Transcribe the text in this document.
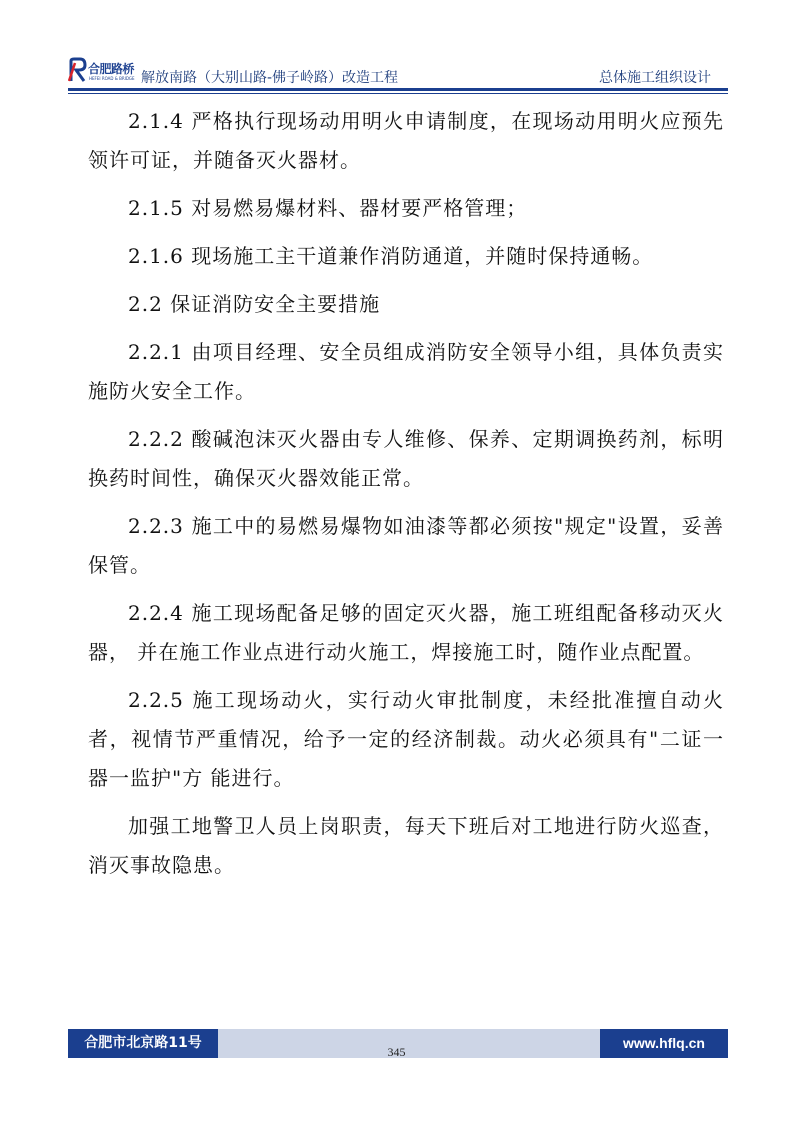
合肥路桥
HEFEI ROAD & BRIDGE 解放南路（大别山路-佛子岭路）改造工程	总体施工组织设计

2.1.4 严格执行现场动用明火申请制度，在现场动用明火应预先领许可证，并随备灭火器材。

2.1.5 对易燃易爆材料、器材要严格管理；

2.1.6 现场施工主干道兼作消防通道，并随时保持通畅。

2.2 保证消防安全主要措施

2.2.1 由项目经理、安全员组成消防安全领导小组，具体负责实施防火安全工作。

2.2.2 酸碱泡沫灭火器由专人维修、保养、定期调换药剂，标明换药时间性，确保灭火器效能正常。

2.2.3 施工中的易燃易爆物如油漆等都必须按"规定"设置，妥善保管。

2.2.4 施工现场配备足够的固定灭火器，施工班组配备移动灭火器， 并在施工作业点进行动火施工，焊接施工时，随作业点配置。

2.2.5 施工现场动火，实行动火审批制度，未经批准擅自动火者，视情节严重情况，给予一定的经济制裁。动火必须具有"二证一器一监护"方 能进行。

加强工地警卫人员上岗职责，每天下班后对工地进行防火巡查，消灭事故隐患。

合肥市北京路11号	www.hflq.cn
345
